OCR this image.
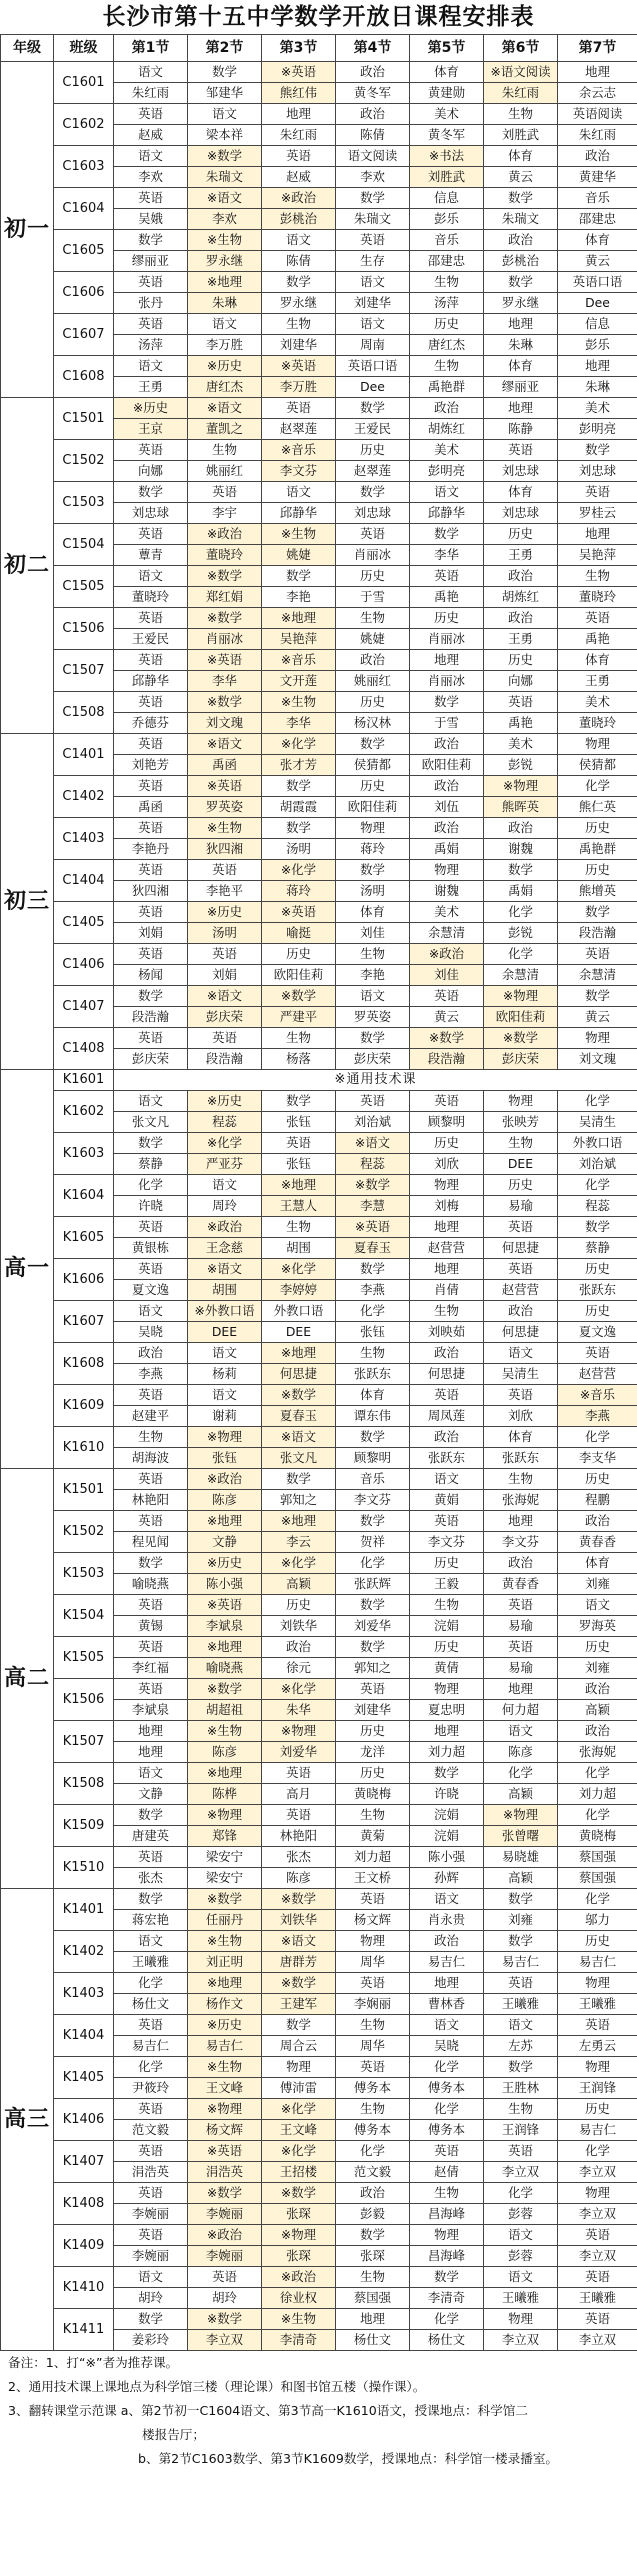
长沙市第十五中学数学开放日课程安排表
年级	班级	第1节	第2节	第3节	第4节	第5节	第6节	第7节
初一	C1601	语文	数学	※英语	政治	体育	※语文阅读	地理
		朱红雨	邹建华	熊红伟	黄冬军	黄建勋	朱红雨	余云志
	C1602	英语	语文	地理	政治	美术	生物	英语阅读
		赵威	梁本祥	朱红雨	陈倩	黄冬军	刘胜武	朱红雨
	C1603	语文	※数学	英语	语文阅读	※书法	体育	政治
		李欢	朱瑞文	赵威	李欢	刘胜武	黄云	黄建华
	C1604	英语	※语文	※政治	数学	信息	数学	音乐
		吴娥	李欢	彭桃治	朱瑞文	彭乐	朱瑞文	邵建忠
	C1605	数学	※生物	语文	英语	音乐	政治	体育
		缪丽亚	罗永继	陈倩	生存	邵建忠	彭桃治	黄云
	C1606	英语	※地理	数学	语文	生物	数学	英语口语
		张丹	朱琳	罗永继	刘建华	汤萍	罗永继	Dee
	C1607	英语	语文	生物	语文	历史	地理	信息
		汤萍	李万胜	刘建华	周南	唐红杰	朱琳	彭乐
	C1608	语文	※历史	※英语	英语口语	生物	体育	地理
		王勇	唐红杰	李万胜	Dee	禹艳群	缪丽亚	朱琳
初二	C1501	※历史	※语文	英语	数学	政治	地理	美术
		王京	董凯之	赵翠莲	王爱民	胡炼红	陈静	彭明亮
	C1502	英语	生物	※音乐	历史	美术	英语	数学
		向娜	姚丽红	李文芬	赵翠莲	彭明亮	刘忠球	刘忠球
	C1503	数学	英语	语文	数学	语文	体育	英语
		刘忠球	李宇	邱静华	刘忠球	邱静华	刘忠球	罗桂云
	C1504	英语	※政治	※生物	英语	数学	历史	地理
		蕈青	董晓玲	姚婕	肖丽冰	李华	王勇	吴艳萍
	C1505	语文	※数学	数学	历史	英语	政治	生物
		董晓玲	郑红娟	李艳	于雪	禹艳	胡炼红	董晓玲
	C1506	英语	※数学	※地理	生物	历史	政治	英语
		王爱民	肖丽冰	吴艳萍	姚婕	肖丽冰	王勇	禹艳
	C1507	英语	※英语	※音乐	政治	地理	历史	体育
		邱静华	李华	文开莲	姚丽红	肖丽冰	向娜	王勇
	C1508	英语	※数学	※生物	历史	数学	英语	美术
		乔德芬	刘文瑰	李华	杨汉林	于雪	禹艳	董晓玲
初三	C1401	英语	※语文	※化学	数学	政治	美术	物理
		刘艳芳	禹函	张才芳	侯猜都	欧阳佳莉	彭锐	侯猜都
	C1402	英语	※英语	数学	历史	政治	※物理	化学
		禹函	罗英姿	胡霞霞	欧阳佳莉	刘伍	熊晖英	熊仁英
	C1403	英语	※生物	数学	物理	政治	政治	历史
		李艳丹	狄四湘	汤明	蒋玲	禹娟	谢魏	禹艳群
	C1404	英语	英语	※化学	数学	物理	数学	历史
		狄四湘	李艳平	蒋玲	汤明	谢魏	禹娟	熊增英
	C1405	英语	※历史	※英语	体育	美术	化学	数学
		刘娟	汤明	喻挺	刘佳	余慧清	彭锐	段浩瀚
	C1406	英语	英语	历史	生物	※政治	化学	英语
		杨闻	刘娟	欧阳佳莉	李艳	刘佳	余慧清	余慧清
	C1407	数学	※语文	※数学	语文	英语	※物理	数学
		段浩瀚	彭庆荣	严建平	罗英姿	黄云	欧阳佳莉	黄云
	C1408	英语	英语	生物	数学	※数学	※数学	物理
		彭庆荣	段浩瀚	杨落	彭庆荣	段浩瀚	彭庆荣	刘文瑰
高一	K1601	※通用技术课						
	K1602	语文	※历史	数学	英语	英语	物理	化学
		张文凡	程蕊	张钰	刘治斌	顾黎明	张映芳	吴清生
	K1603	数学	※化学	英语	※语文	历史	生物	外教口语
		蔡静	严亚芬	张钰	程蕊	刘欣	DEE	刘治斌
	K1604	化学	语文	※地理	※数学	物理	历史	化学
		许晓	周玲	王慧人	李慧	刘梅	易瑜	程蕊
	K1605	英语	※政治	生物	※英语	地理	英语	数学
		黄银栋	王念慈	胡围	夏春玉	赵营营	何思捷	蔡静
	K1606	英语	※语文	※化学	数学	地理	英语	历史
		夏文逸	胡围	李婷婷	李燕	肖倩	赵营营	张跃东
	K1607	语文	※外教口语	外教口语	化学	生物	政治	历史
		吴晓	DEE	DEE	张钰	刘映茹	何思捷	夏文逸
	K1608	政治	语文	※地理	生物	政治	语文	英语
		李燕	杨莉	何思捷	张跃东	何思捷	吴清生	赵营营
	K1609	英语	语文	※数学	体育	英语	英语	※音乐
		赵建平	谢莉	夏春玉	谭东伟	周凤莲	刘欣	李燕
	K1610	生物	※物理	※语文	数学	政治	体育	化学
		胡海波	张钰	张文凡	顾黎明	张跃东	张跃东	李支华
高二	K1501	英语	※政治	数学	音乐	语文	生物	历史
		林艳阳	陈彦	郭知之	李文芬	黄娟	张海妮	程鹏
	K1502	英语	※地理	※地理	数学	英语	地理	政治
		程见闻	文静	李云	贺祥	李文芬	李文芬	黄春香
	K1503	数学	※历史	※化学	化学	历史	政治	体育
		喻晓燕	陈小强	高颖	张跃辉	王毅	黄春香	刘雍
	K1504	英语	※英语	历史	数学	生物	英语	语文
		黄锡	李斌泉	刘铁华	刘爱华	浣娟	易瑜	罗海英
	K1505	英语	※地理	政治	数学	历史	英语	历史
		李红福	喻晓燕	徐元	郭知之	黄倩	易瑜	刘雍
	K1506	英语	※数学	※化学	英语	物理	地理	政治
		李斌泉	胡超祖	朱华	刘建华	夏忠明	何力超	高颖
	K1507	地理	※生物	※物理	历史	地理	语文	政治
		地理	陈彦	刘爱华	龙洋	刘力超	陈彦	张海妮
	K1508	语文	※地理	英语	历史	数学	化学	化学
		文静	陈桦	高月	黄晓梅	许晓	高颖	刘力超
	K1509	数学	※物理	英语	生物	浣娟	※物理	化学
		唐建英	郑锋	林艳阳	黄菊	浣娟	张曾曙	黄晓梅
	K1510	英语	梁安宁	张杰	刘力超	陈小强	易晓雄	蔡国强
		张杰	梁安宁	陈彦	王文桥	孙辉	高颖	蔡国强
高三	K1401	数学	※数学	※数学	英语	语文	数学	化学
		蒋宏艳	任丽丹	刘铁华	杨文辉	肖永贵	刘雍	邬力
	K1402	语文	※生物	※语文	物理	政治	数学	历史
		王曦雅	刘正明	唐群芳	周华	易吉仁	易吉仁	易吉仁
	K1403	化学	※地理	※数学	英语	地理	英语	物理
		杨仕文	杨作文	王建军	李娴丽	曹林香	王曦雅	王曦雅
	K1404	英语	※历史	数学	生物	语文	语文	英语
		易吉仁	易吉仁	周合云	周华	吴晓	左苏	左勇云
	K1405	化学	※生物	物理	英语	化学	数学	物理
		尹筱玲	王文峰	傅沛雷	傅务本	傅务本	王胜林	王润锋
	K1406	英语	※物理	※化学	生物	化学	生物	历史
		范文毅	杨文辉	王文峰	傅务本	傅务本	王润锋	易吉仁
	K1407	英语	※英语	※化学	化学	英语	英语	化学
		涓浩英	涓浩英	王招楼	范文毅	赵倩	李立双	李立双
	K1408	英语	※数学	※数学	政治	生物	化学	物理
		李婉丽	李婉丽	张琛	彭毅	昌海峰	彭蓉	李立双
	K1409	英语	※政治	※物理	数学	物理	语文	英语
		李婉丽	李婉丽	张琛	张琛	昌海峰	彭蓉	李立双
	K1410	语文	英语	※政治	生物	数学	语文	英语
		胡玲	胡玲	徐业权	蔡国强	李清奇	王曦雅	王曦雅
	K1411	数学	※数学	※生物	地理	化学	物理	英语
		姜彩玲	李立双	李清奇	杨仕文	杨仕文	李立双	李立双

备注：1、打“※”者为推荐课。

2、通用技术课上课地点为科学馆三楼（理论课）和图书馆五楼（操作课）。

3、翻转课堂示范课 a、第2节初一C1604语文、第3节高一K1610语文，授课地点：科学馆二

楼报告厅；

b、第2节C1603数学、第3节K1609数学，授课地点：科学馆一楼录播室。
